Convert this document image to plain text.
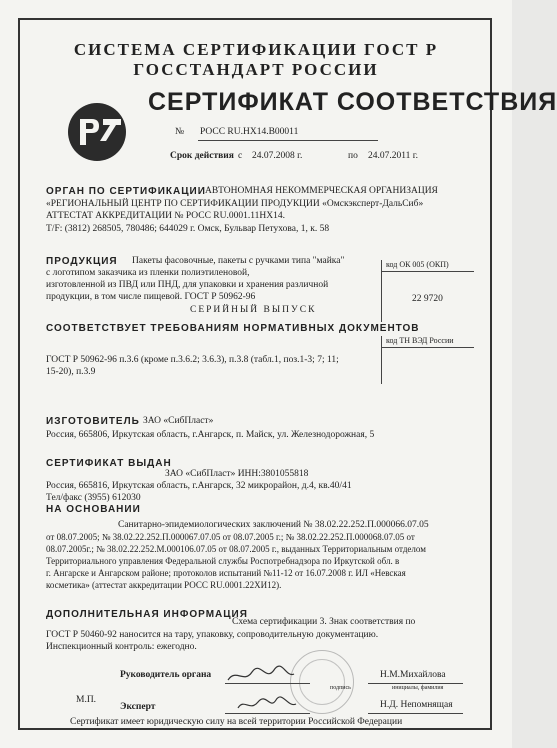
СИСТЕМА СЕРТИФИКАЦИИ ГОСТ Р
ГОССТАНДАРТ РОССИИ
СЕРТИФИКАТ СООТВЕТСТВИЯ
№ РОСС RU.НХ14.В00011
Срок действия с 24.07.2008 г.	по 24.07.2011 г.
ОРГАН ПО СЕРТИФИКАЦИИ АВТОНОМНАЯ НЕКОММЕРЧЕСКАЯ ОРГАНИЗАЦИЯ
«РЕГИОНАЛЬНЫЙ ЦЕНТР ПО СЕРТИФИКАЦИИ ПРОДУКЦИИ «Омскэксперт-ДальСиб»
АТТЕСТАТ АККРЕДИТАЦИИ № РОСС RU.0001.11НХ14.
Т/F: (3812) 268505, 780486; 644029 г. Омск, Бульвар Петухова, 1, к. 58
ПРОДУКЦИЯ Пакеты фасовочные, пакеты с ручками типа "майка"
с логотипом заказчика из пленки полиэтиленовой,
изготовленной из ПВД или ПНД, для упаковки и хранения различной
продукции, в том числе пищевой. ГОСТ Р 50962-96
СЕРИЙНЫЙ ВЫПУСК
код ОК 005 (ОКП)
22 9720
СООТВЕТСТВУЕТ ТРЕБОВАНИЯМ НОРМАТИВНЫХ ДОКУМЕНТОВ
ГОСТ Р 50962-96 п.3.6 (кроме п.3.6.2; 3.6.3), п.3.8 (табл.1, поз.1-3; 7; 11;
15-20), п.3.9
код ТН ВЭД России
ИЗГОТОВИТЕЛЬ ЗАО «СибПласт»
Россия, 665806, Иркутская область, г.Ангарск, п. Майск, ул. Железнодорожная, 5
СЕРТИФИКАТ ВЫДАН
ЗАО «СибПласт» ИНН:3801055818
Россия, 665816, Иркутская область, г.Ангарск, 32 микрорайон, д.4, кв.40/41
Тел/факс (3955) 612030
НА ОСНОВАНИИ
Санитарно-эпидемиологических заключений № 38.02.22.252.П.000066.07.05
от 08.07.2005; № 38.02.22.252.П.000067.07.05 от 08.07.2005 г.; № 38.02.22.252.П.000068.07.05 от
08.07.2005г.; № 38.02.22.252.М.000106.07.05 от 08.07.2005 г., выданных Территориальным отделом
Территориального управления Федеральной службы Роспотребнадзора по Иркутской обл. в
г. Ангарске и Ангарском районе; протоколов испытаний №11-12 от 16.07.2008 г. ИЛ «Невская
косметика» (аттестат аккредитации РОСС RU.0001.22ХИ12).
ДОПОЛНИТЕЛЬНАЯ ИНФОРМАЦИЯ
Схема сертификации 3. Знак соответствия по
ГОСТ Р 50460-92 наносится на тару, упаковку, сопроводительную документацию.
Инспекционный контроль: ежегодно.
Руководитель органа
подпись
Н.М.Михайлова
инициалы, фамилия
М.П.
Эксперт	Н.Д. Непомнящая
Сертификат имеет юридическую силу на всей территории Российской Федерации
